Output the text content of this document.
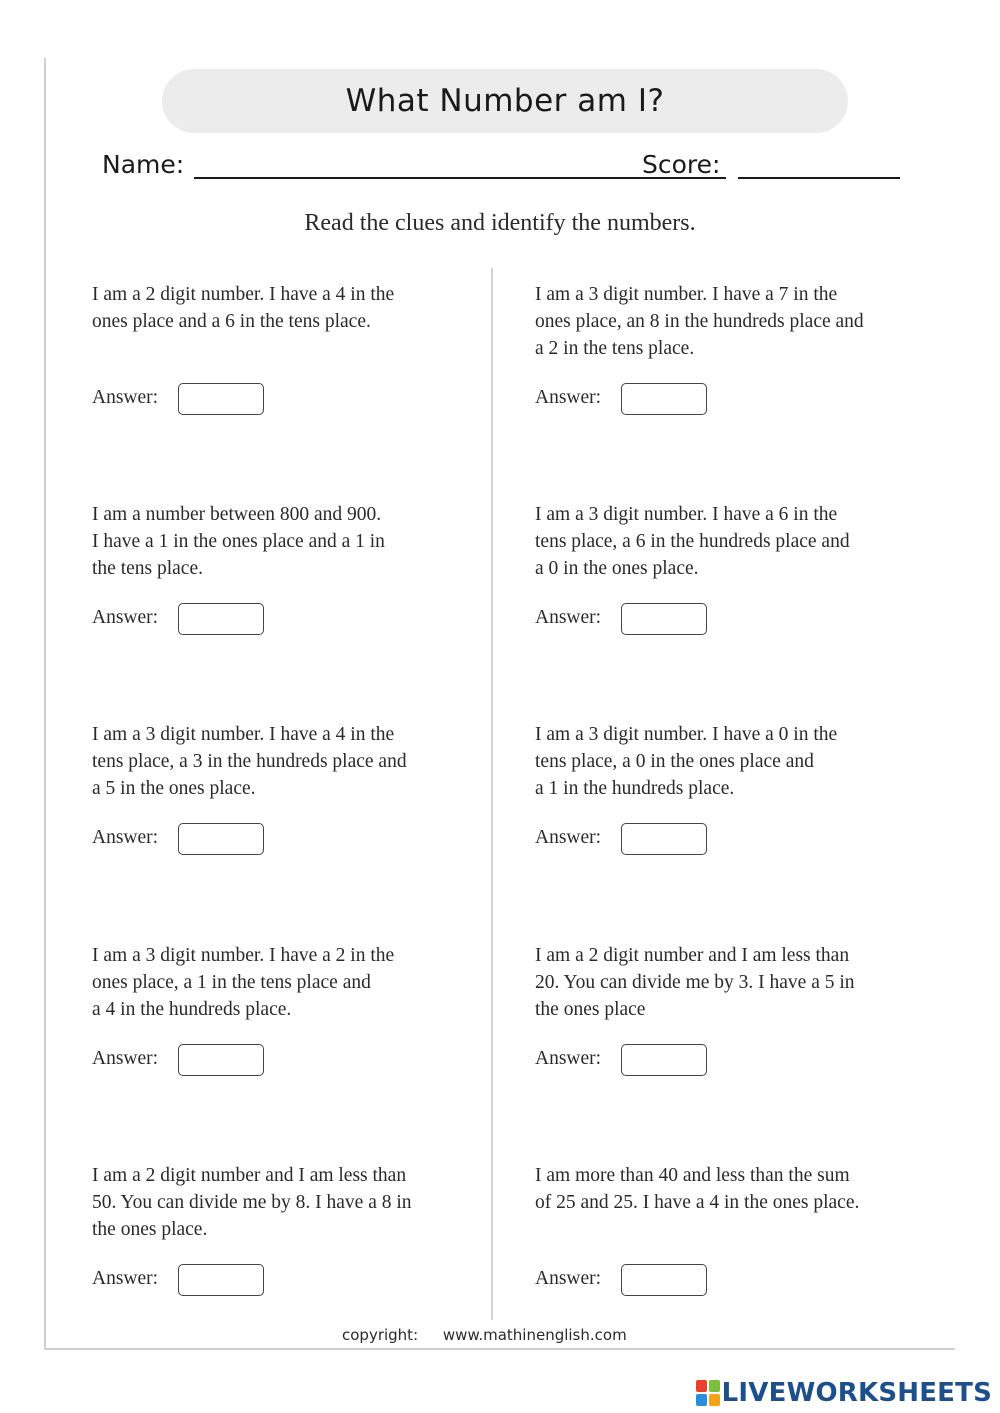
What Number am I?
Name:	Score:
Read the clues and identify the numbers.

I am a 2 digit number. I have a 4 in the
ones place and a 6 in the tens place.

Answer:

I am a 3 digit number. I have a 7 in the
ones place, an 8 in the hundreds place and
a 2 in the tens place.

Answer:

I am a number between 800 and 900.
I have a 1 in the ones place and a 1 in
the tens place.

Answer:

I am a 3 digit number. I have a 6 in the
tens place, a 6 in the hundreds place and
a 0 in the ones place.

Answer:

I am a 3 digit number. I have a 4 in the
tens place, a 3 in the hundreds place and
a 5 in the ones place.

Answer:

I am a 3 digit number. I have a 0 in the
tens place, a 0 in the ones place and
a 1 in the hundreds place.

Answer:

I am a 3 digit number. I have a 2 in the
ones place, a 1 in the tens place and
a 4 in the hundreds place.

Answer:

I am a 2 digit number and I am less than
20. You can divide me by 3. I have a 5 in
the ones place

Answer:

I am a 2 digit number and I am less than
50. You can divide me by 8. I have a 8 in
the ones place.

Answer:

I am more than 40 and less than the sum
of 25 and 25. I have a 4 in the ones place.

Answer:
copyright: www.mathinenglish.com
LIVEWORKSHEETS
